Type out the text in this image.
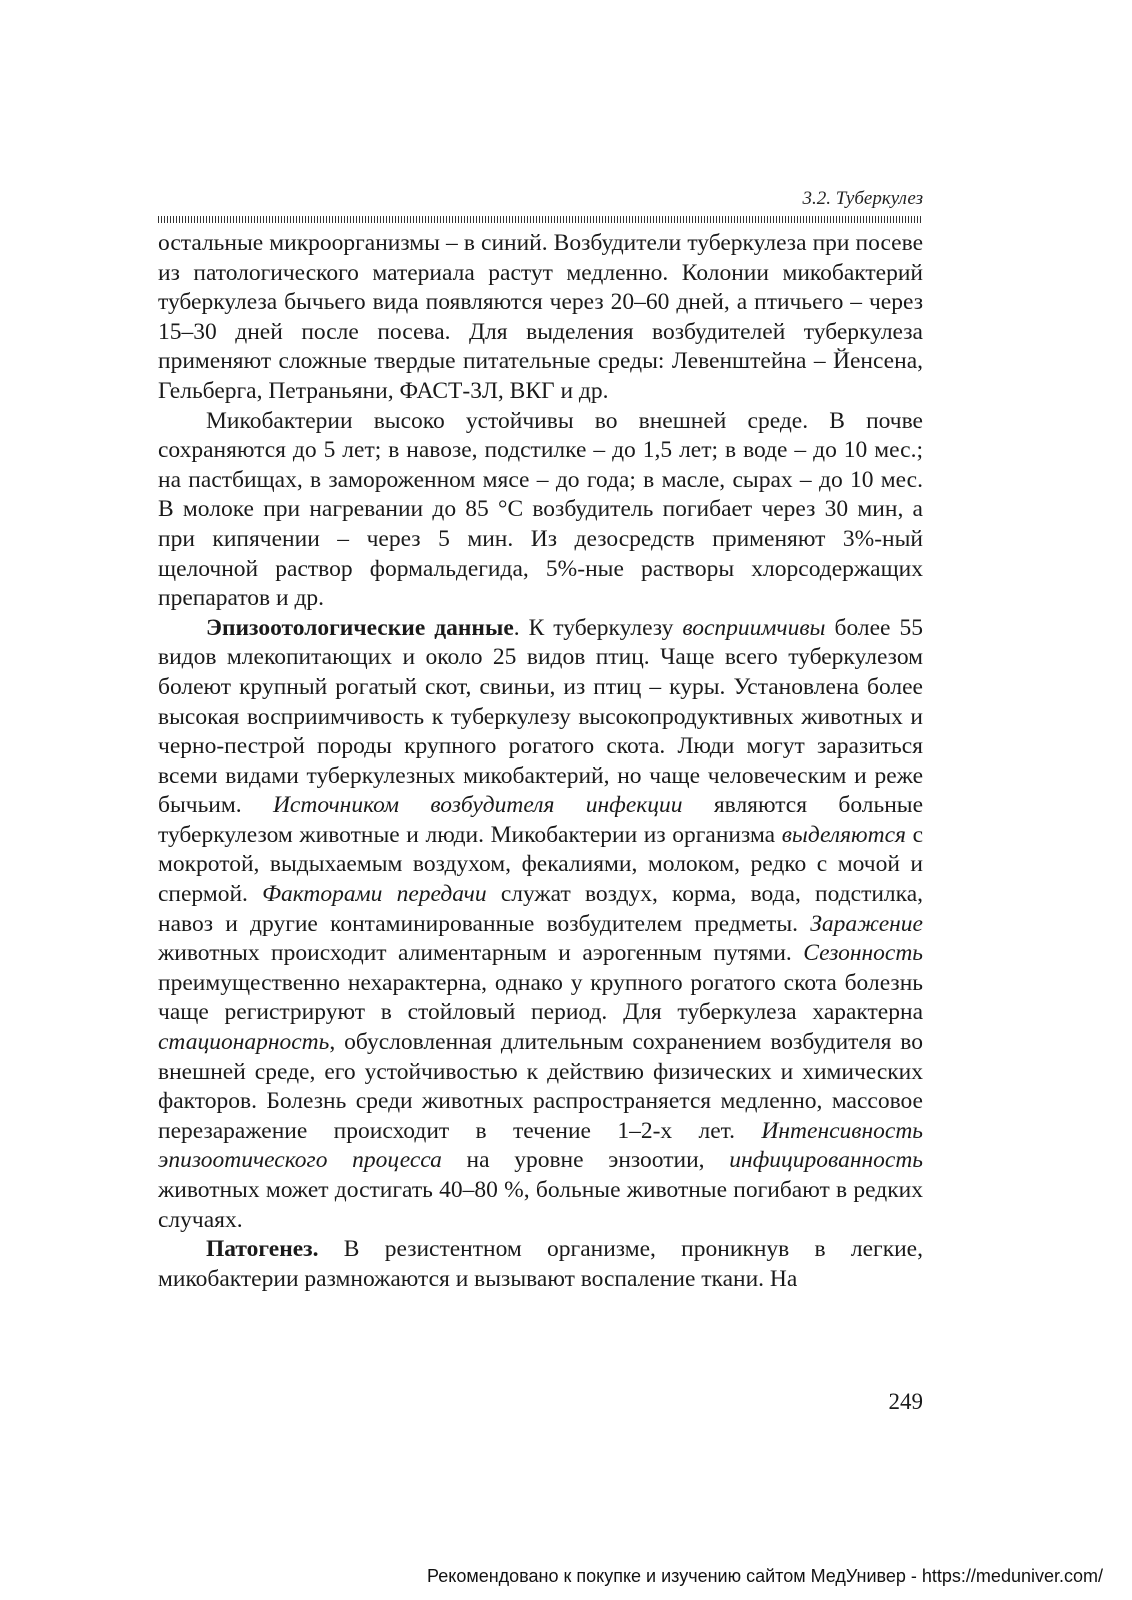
3.2. Туберкулез

остальные микроорганизмы – в синий. Возбудители туберкулеза при посеве из патологического материала растут медленно. Колонии микобактерий туберкулеза бычьего вида появляются через 20–60 дней, а птичьего – через 15–30 дней после посева. Для выделения возбудителей туберкулеза применяют сложные твердые питательные среды: Левенштейна – Йенсена, Гельберга, Петраньяни, ФАСТ-3Л, ВКГ и др.

Микобактерии высоко устойчивы во внешней среде. В почве сохраняются до 5 лет; в навозе, подстилке – до 1,5 лет; в воде – до 10 мес.; на пастбищах, в замороженном мясе – до года; в масле, сырах – до 10 мес. В молоке при нагревании до 85 °С возбудитель погибает через 30 мин, а при кипячении – через 5 мин. Из дезосредств применяют 3%-ный щелочной раствор формальдегида, 5%-ные растворы хлорсодержащих препаратов и др.

Эпизоотологические данные. К туберкулезу восприимчивы более 55 видов млекопитающих и около 25 видов птиц. Чаще всего туберкулезом болеют крупный рогатый скот, свиньи, из птиц – куры. Установлена более высокая восприимчивость к туберкулезу высокопродуктивных животных и черно-пестрой породы крупного рогатого скота. Люди могут заразиться всеми видами туберкулезных микобактерий, но чаще человеческим и реже бычьим. Источником возбудителя инфекции являются больные туберкулезом животные и люди. Микобактерии из организма выделяются с мокротой, выдыхаемым воздухом, фекалиями, молоком, редко с мочой и спермой. Факторами передачи служат воздух, корма, вода, подстилка, навоз и другие контаминированные возбудителем предметы. Заражение животных происходит алиментарным и аэрогенным путями. Сезонность преимущественно нехарактерна, однако у крупного рогатого скота болезнь чаще регистрируют в стойловый период. Для туберкулеза характерна стационарность, обусловленная длительным сохранением возбудителя во внешней среде, его устойчивостью к действию физических и химических факторов. Болезнь среди животных распространяется медленно, массовое перезаражение происходит в течение 1–2-х лет. Интенсивность эпизоотического процесса на уровне энзоотии, инфицированность животных может достигать 40–80 %, больные животные погибают в редких случаях.

Патогенез. В резистентном организме, проникнув в легкие, микобактерии размножаются и вызывают воспаление ткани. На

249
Рекомендовано к покупке и изучению сайтом МедУнивер - https://meduniver.com/
